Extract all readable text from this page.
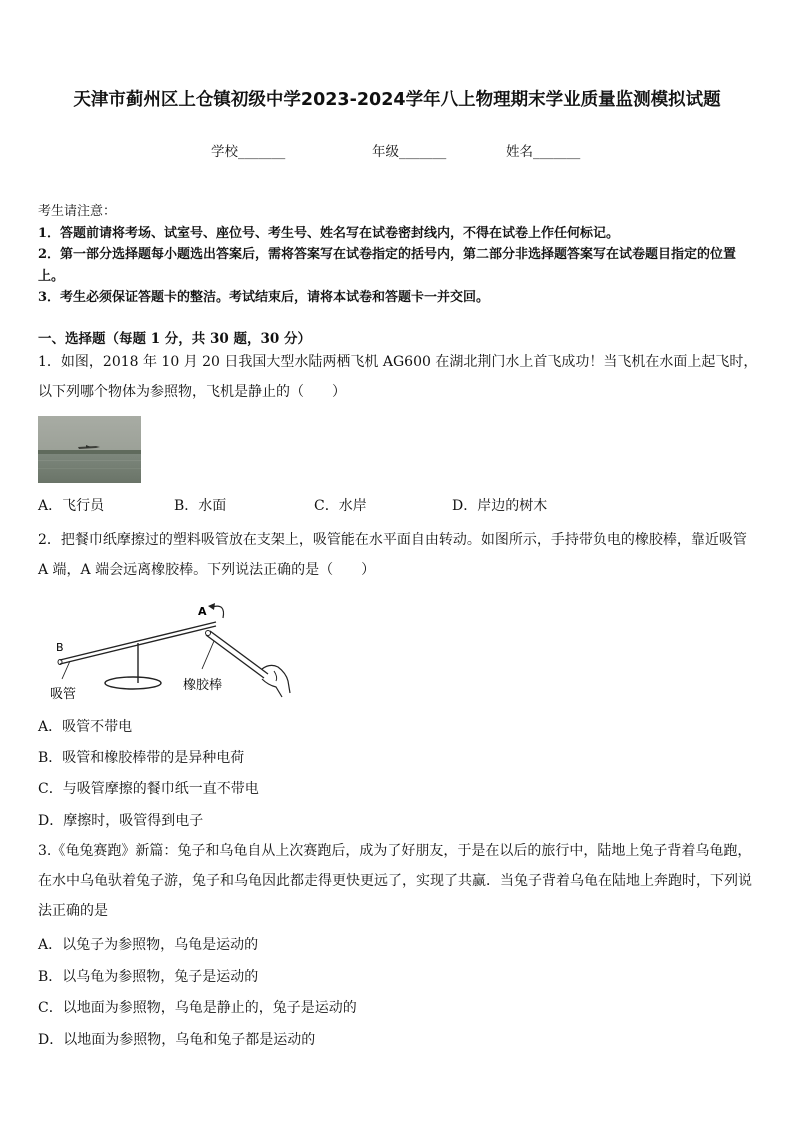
天津市蓟州区上仓镇初级中学2023-2024学年八上物理期末学业质量监测模拟试题
学校_______	年级_______	姓名_______
考生请注意：
1．答题前请将考场、试室号、座位号、考生号、姓名写在试卷密封线内，不得在试卷上作任何标记。
2．第一部分选择题每小题选出答案后，需将答案写在试卷指定的括号内，第二部分非选择题答案写在试卷题目指定的位置上。
3．考生必须保证答题卡的整洁。考试结束后，请将本试卷和答题卡一并交回。
一、选择题（每题 1 分，共 30 题，30 分）
1．如图，2018 年 10 月 20 日我国大型水陆两栖飞机 AG600 在湖北荆门水上首飞成功！当飞机在水面上起飞时，以下列哪个物体为参照物，飞机是静止的（　　）
A．飞行员	B．水面	C．水岸	D．岸边的树木
2．把餐巾纸摩擦过的塑料吸管放在支架上，吸管能在水平面自由转动。如图所示，手持带负电的橡胶棒，靠近吸管 A 端，A 端会远离橡胶棒。下列说法正确的是（　　）
B
A
吸管
橡胶棒
A．吸管不带电
B．吸管和橡胶棒带的是异种电荷
C．与吸管摩擦的餐巾纸一直不带电
D．摩擦时，吸管得到电子
3.《龟兔赛跑》新篇：兔子和乌龟自从上次赛跑后，成为了好朋友，于是在以后的旅行中，陆地上兔子背着乌龟跑，在水中乌龟驮着兔子游，兔子和乌龟因此都走得更快更远了，实现了共赢．当兔子背着乌龟在陆地上奔跑时，下列说法正确的是
A．以兔子为参照物，乌龟是运动的
B．以乌龟为参照物，兔子是运动的
C．以地面为参照物，乌龟是静止的，兔子是运动的
D．以地面为参照物，乌龟和兔子都是运动的
